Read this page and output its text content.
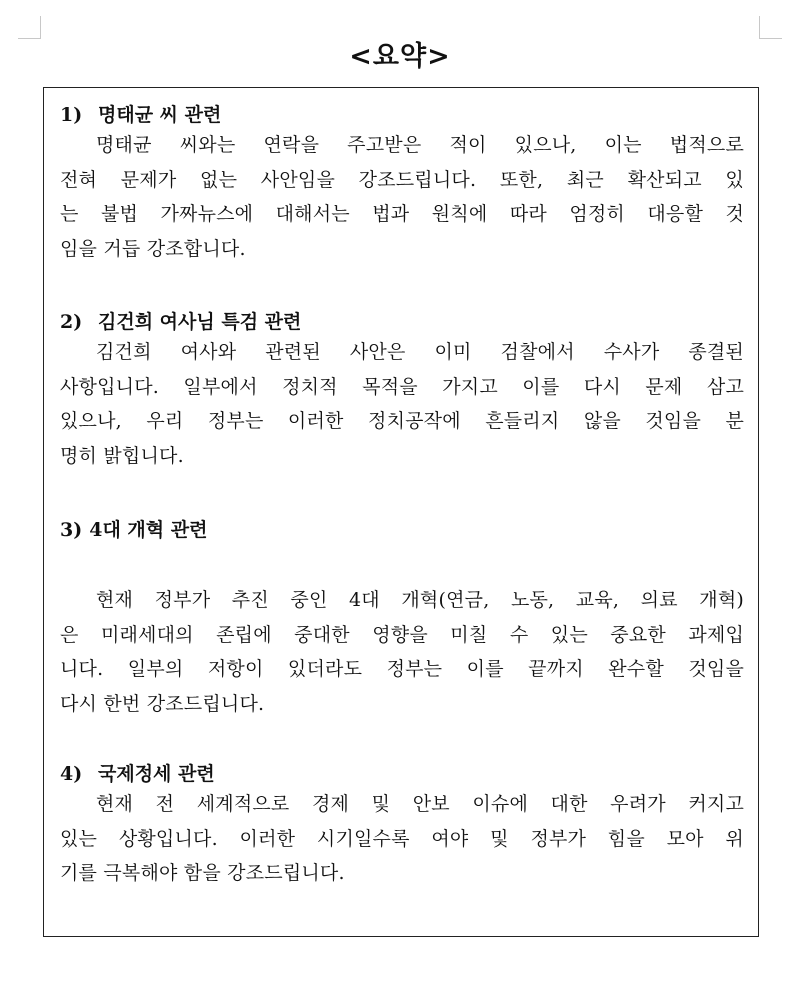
<요약>
1) 명태균 씨 관련
명태균 씨와는 연락을 주고받은 적이 있으나, 이는 법적으로
전혀 문제가 없는 사안임을 강조드립니다. 또한, 최근 확산되고 있
는 불법 가짜뉴스에 대해서는 법과 원칙에 따라 엄정히 대응할 것
임을 거듭 강조합니다.
2) 김건희 여사님 특검 관련
김건희 여사와 관련된 사안은 이미 검찰에서 수사가 종결된
사항입니다. 일부에서 정치적 목적을 가지고 이를 다시 문제 삼고
있으나, 우리 정부는 이러한 정치공작에 흔들리지 않을 것임을 분
명히 밝힙니다.
3) 4대 개혁 관련
현재 정부가 추진 중인 4대 개혁(연금, 노동, 교육, 의료 개혁)
은 미래세대의 존립에 중대한 영향을 미칠 수 있는 중요한 과제입
니다. 일부의 저항이 있더라도 정부는 이를 끝까지 완수할 것임을
다시 한번 강조드립니다.
4) 국제정세 관련
현재 전 세계적으로 경제 및 안보 이슈에 대한 우려가 커지고
있는 상황입니다. 이러한 시기일수록 여야 및 정부가 힘을 모아 위
기를 극복해야 함을 강조드립니다.
